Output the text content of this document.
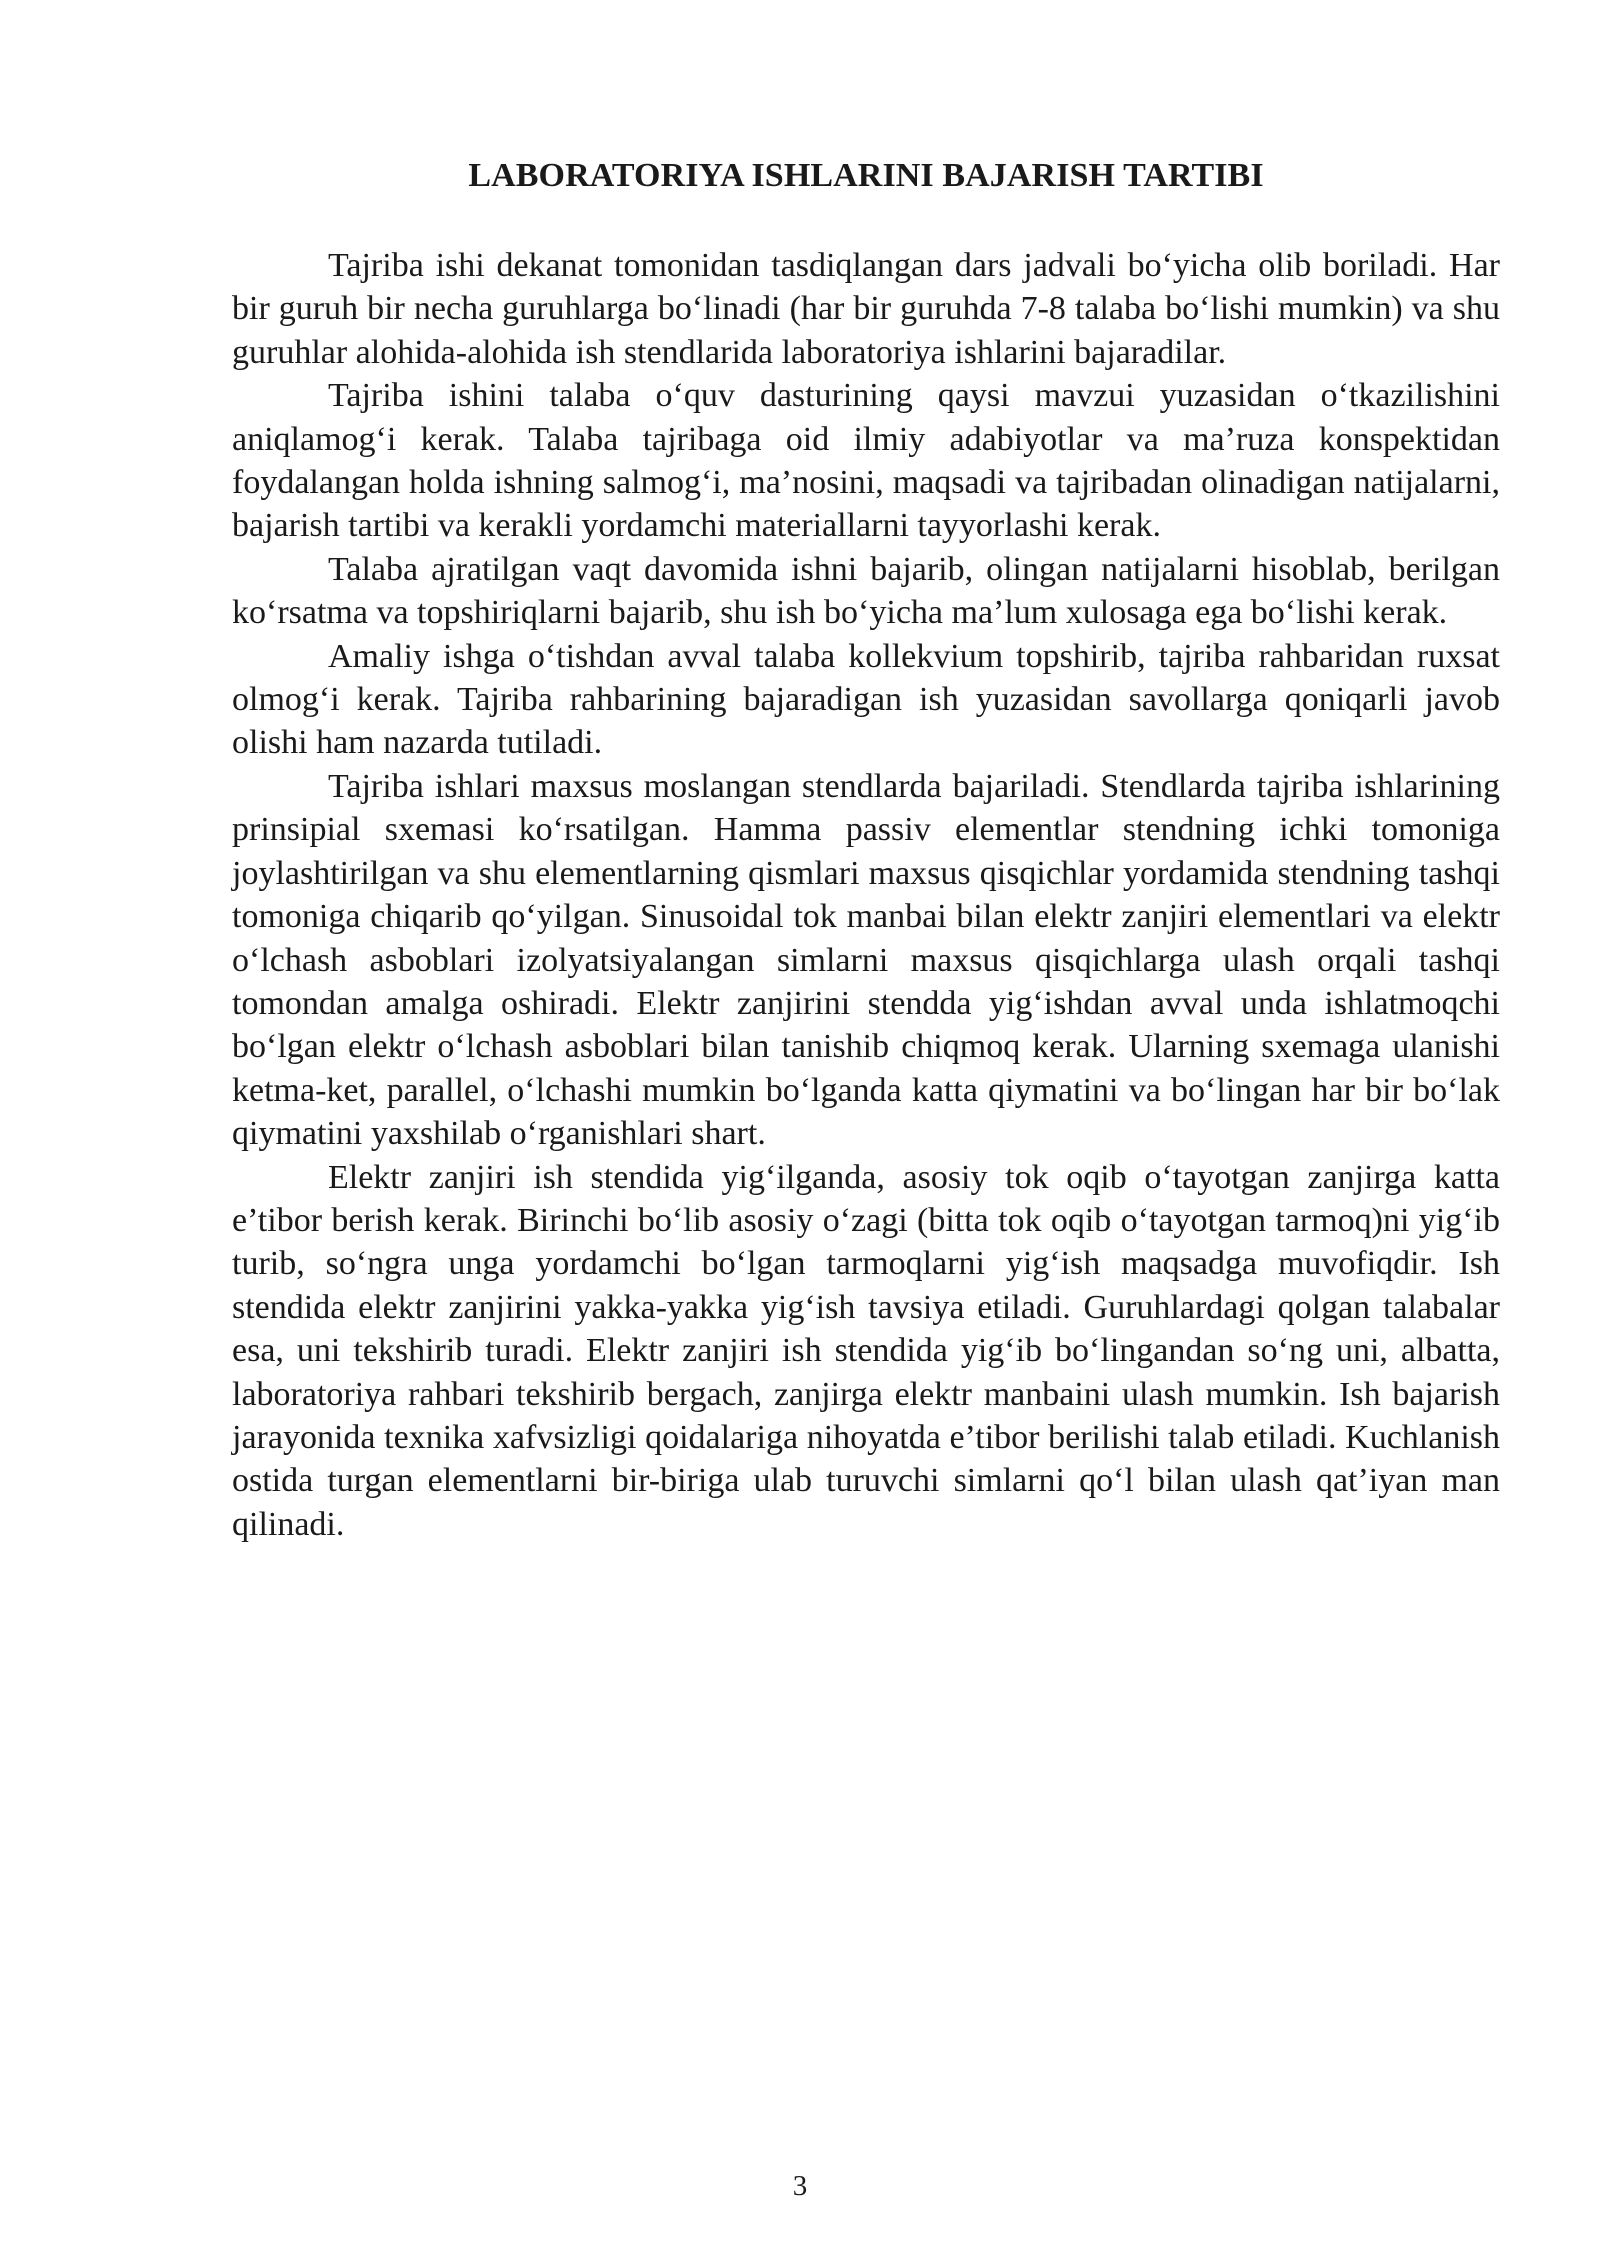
LABORATORIYA ISHLARINI BAJARISH TARTIBI

Tajriba ishi dekanat tomonidan tasdiqlangan dars jadvali bo‘yicha olib boriladi. Har bir guruh bir necha guruhlarga bo‘linadi (har bir guruhda 7-8 talaba bo‘lishi mumkin) va shu guruhlar alohida-alohida ish stendlarida laboratoriya ishlarini bajaradilar.

Tajriba ishini talaba o‘quv dasturining qaysi mavzui yuzasidan o‘tkazilishini aniqlamog‘i kerak. Talaba tajribaga oid ilmiy adabiyotlar va ma’ruza konspektidan foydalangan holda ishning salmog‘i, ma’nosini, maqsadi va tajribadan olinadigan natijalarni, bajarish tartibi va kerakli yordamchi materiallarni tayyorlashi kerak.

Talaba ajratilgan vaqt davomida ishni bajarib, olingan natijalarni hisoblab, berilgan ko‘rsatma va topshiriqlarni bajarib, shu ish bo‘yicha ma’lum xulosaga ega bo‘lishi kerak.

Amaliy ishga o‘tishdan avval talaba kollekvium topshirib, tajriba rahbaridan ruxsat olmog‘i kerak. Tajriba rahbarining bajaradigan ish yuzasidan savollarga qoniqarli javob olishi ham nazarda tutiladi.

Tajriba ishlari maxsus moslangan stendlarda bajariladi. Stendlarda tajriba ishlarining prinsipial sxemasi ko‘rsatilgan. Hamma passiv elementlar stendning ichki tomoniga joylashtirilgan va shu elementlarning qismlari maxsus qisqichlar yordamida stendning tashqi tomoniga chiqarib qo‘yilgan. Sinusoidal tok manbai bilan elektr zanjiri elementlari va elektr o‘lchash asboblari izolyatsiyalangan simlarni maxsus qisqichlarga ulash orqali tashqi tomondan amalga oshiradi. Elektr zanjirini stendda yig‘ishdan avval unda ishlatmoqchi bo‘lgan elektr o‘lchash asboblari bilan tanishib chiqmoq kerak. Ularning sxemaga ulanishi ketma-ket, parallel, o‘lchashi mumkin bo‘lganda katta qiymatini va bo‘lingan har bir bo‘lak qiymatini yaxshilab o‘rganishlari shart.

Elektr zanjiri ish stendida yig‘ilganda, asosiy tok oqib o‘tayotgan zanjirga katta e’tibor berish kerak. Birinchi bo‘lib asosiy o‘zagi (bitta tok oqib o‘tayotgan tarmoq)ni yig‘ib turib, so‘ngra unga yordamchi bo‘lgan tarmoqlarni yig‘ish maqsadga muvofiqdir. Ish stendida elektr zanjirini yakka-yakka yig‘ish tavsiya etiladi. Guruhlardagi qolgan talabalar esa, uni tekshirib turadi. Elektr zanjiri ish stendida yig‘ib bo‘lingandan so‘ng uni, albatta, laboratoriya rahbari tekshirib bergach, zanjirga elektr manbaini ulash mumkin. Ish bajarish jarayonida texnika xafvsizligi qoidalariga nihoyatda e’tibor berilishi talab etiladi. Kuchlanish ostida turgan elementlarni bir-biriga ulab turuvchi simlarni qo‘l bilan ulash qat’iyan man qilinadi.

3
